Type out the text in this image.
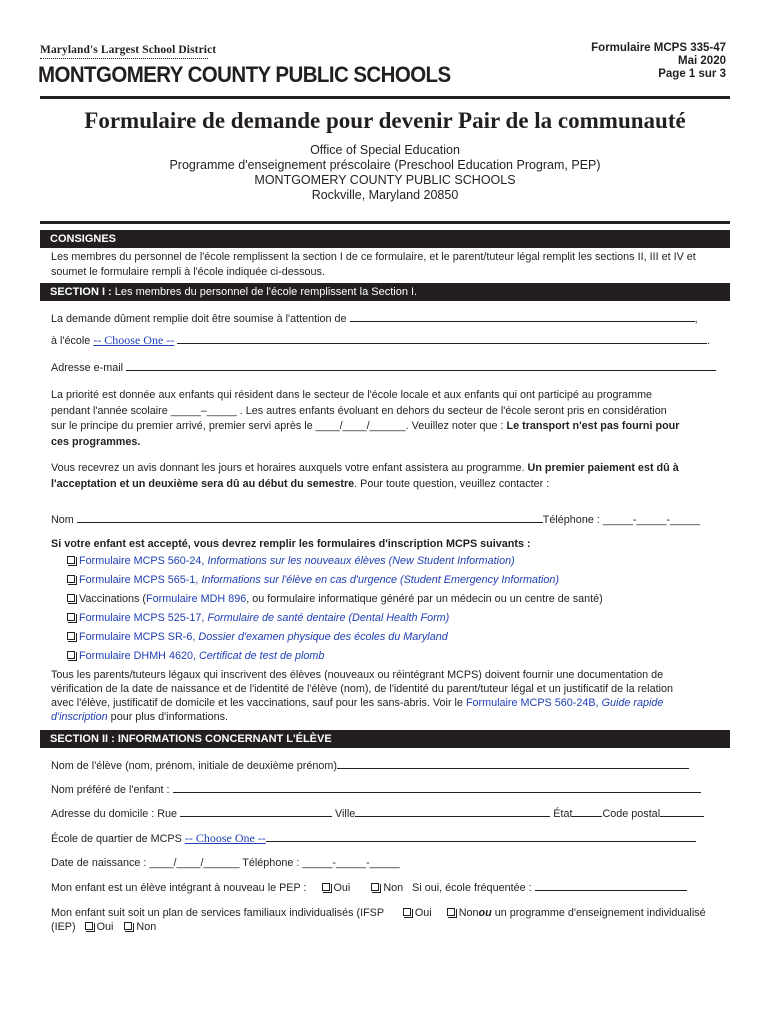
Maryland's Largest School District
MONTGOMERY COUNTY PUBLIC SCHOOLS
Formulaire MCPS 335-47
Mai 2020
Page 1 sur 3
Formulaire de demande pour devenir Pair de la communauté
Office of Special Education
Programme d'enseignement préscolaire (Preschool Education Program, PEP)
MONTGOMERY COUNTY PUBLIC SCHOOLS
Rockville, Maryland 20850
CONSIGNES
Les membres du personnel de l'école remplissent la section I de ce formulaire, et le parent/tuteur légal remplit les sections II, III et IV et soumet le formulaire rempli à l'école indiquée ci-dessous.
SECTION I : Les membres du personnel de l'école remplissent la Section I.
La demande dûment remplie doit être soumise à l'attention de	,
à l'école -- Choose One --	.
Adresse e-mail
La priorité est donnée aux enfants qui résident dans le secteur de l'école locale et aux enfants qui ont participé au programme
pendant l'année scolaire _____–_____ . Les autres enfants évoluant en dehors du secteur de l'école seront pris en considération
sur le principe du premier arrivé, premier servi après le ____/____/______. Veuillez noter que : Le transport n'est pas fourni pour
ces programmes.
Vous recevrez un avis donnant les jours et horaires auxquels votre enfant assistera au programme. Un premier paiement est dû à
l'acceptation et un deuxième sera dû au début du semestre. Pour toute question, veuillez contacter :
Nom	Téléphone : _____-_____-_____
Si votre enfant est accepté, vous devrez remplir les formulaires d'inscription MCPS suivants :
Formulaire MCPS 560-24, Informations sur les nouveaux élèves (New Student Information)
Formulaire MCPS 565-1, Informations sur l'élève en cas d'urgence (Student Emergency Information)
Vaccinations (Formulaire MDH 896, ou formulaire informatique généré par un médecin ou un centre de santé)
Formulaire MCPS 525-17, Formulaire de santé dentaire (Dental Health Form)
Formulaire MCPS SR-6, Dossier d'examen physique des écoles du Maryland
Formulaire DHMH 4620, Certificat de test de plomb
Tous les parents/tuteurs légaux qui inscrivent des élèves (nouveaux ou réintégrant MCPS) doivent fournir une documentation de
vérification de la date de naissance et de l'identité de l'élève (nom), de l'identité du parent/tuteur légal et un justificatif de la relation
avec l'élève, justificatif de domicile et les vaccinations, sauf pour les sans-abris. Voir le Formulaire MCPS 560-24B, Guide rapide
d'inscription pour plus d'informations.
SECTION II : INFORMATIONS CONCERNANT L'ÉLÈVE
Nom de l'élève (nom, prénom, initiale de deuxième prénom)
Nom préféré de l'enfant :
Adresse du domicile : Rue	Ville	État	Code postal
École de quartier de MCPS -- Choose One --
Date de naissance : ____/____/______ Téléphone : _____-_____-_____
Mon enfant est un élève intégrant à nouveau le PEP :	Oui	Non Si oui, école fréquentée :
Mon enfant suit soit un plan de services familiaux individualisés (IFSP	Oui	Nonou un programme d'enseignement individualisé
(IEP) Oui Non
